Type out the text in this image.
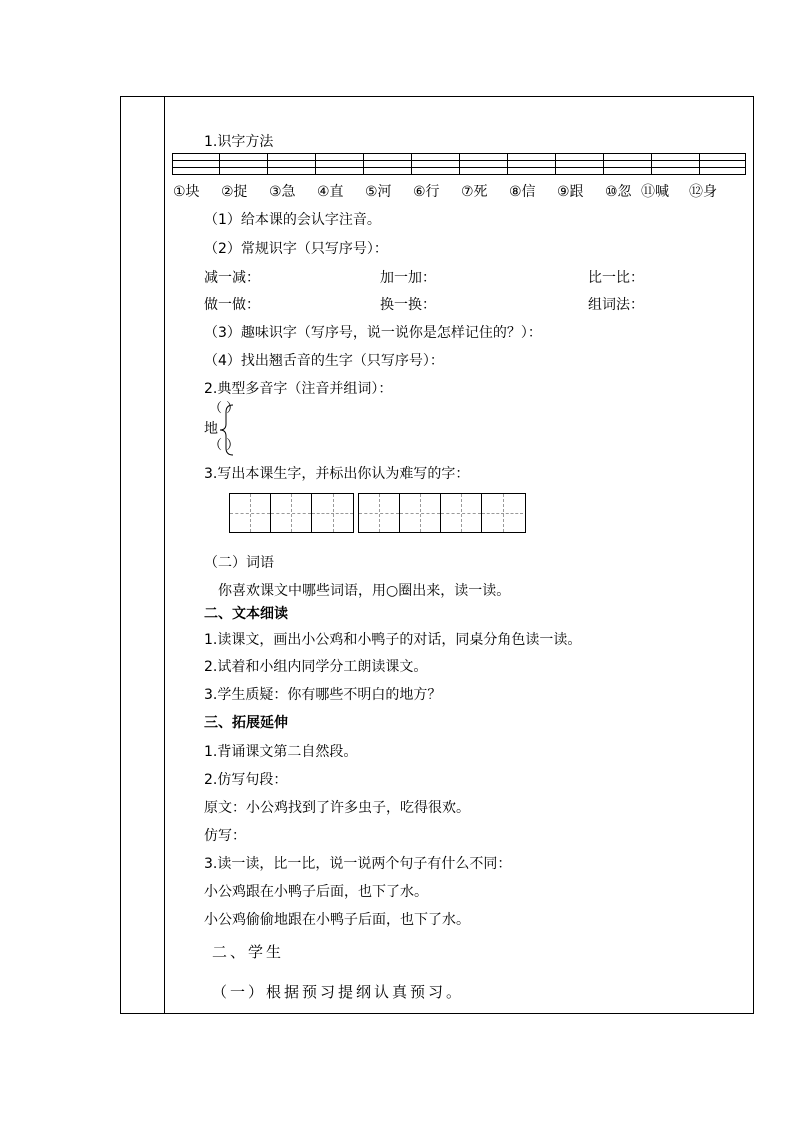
1.识字方法
①块 ②捉 ③急 ④直 ⑤河 ⑥行 ⑦死 ⑧信 ⑨跟 ⑩忽 ⑪喊 ⑫身
（1）给本课的会认字注音。
（2）常规识字（只写序号）：
减一减：	加一加：	比一比：
做一做：	换一换：	组词法：
（3）趣味识字（写序号，说一说你是怎样记住的？）：
（4）找出翘舌音的生字（只写序号）：
2.典型多音字（注音并组词）：
（ ）
地
（ ）
3.写出本课生字，并标出你认为难写的字：
（二）词语
你喜欢课文中哪些词语，用○圈出来，读一读。
二、文本细读
1.读课文，画出小公鸡和小鸭子的对话，同桌分角色读一读。
2.试着和小组内同学分工朗读课文。
3.学生质疑：你有哪些不明白的地方？
三、拓展延伸
1.背诵课文第二自然段。
2.仿写句段：
原文：小公鸡找到了许多虫子，吃得很欢。
仿写：
3.读一读，比一比，说一说两个句子有什么不同：
小公鸡跟在小鸭子后面，也下了水。
小公鸡偷偷地跟在小鸭子后面，也下了水。
二、学生
（一）根据预习提纲认真预习。
